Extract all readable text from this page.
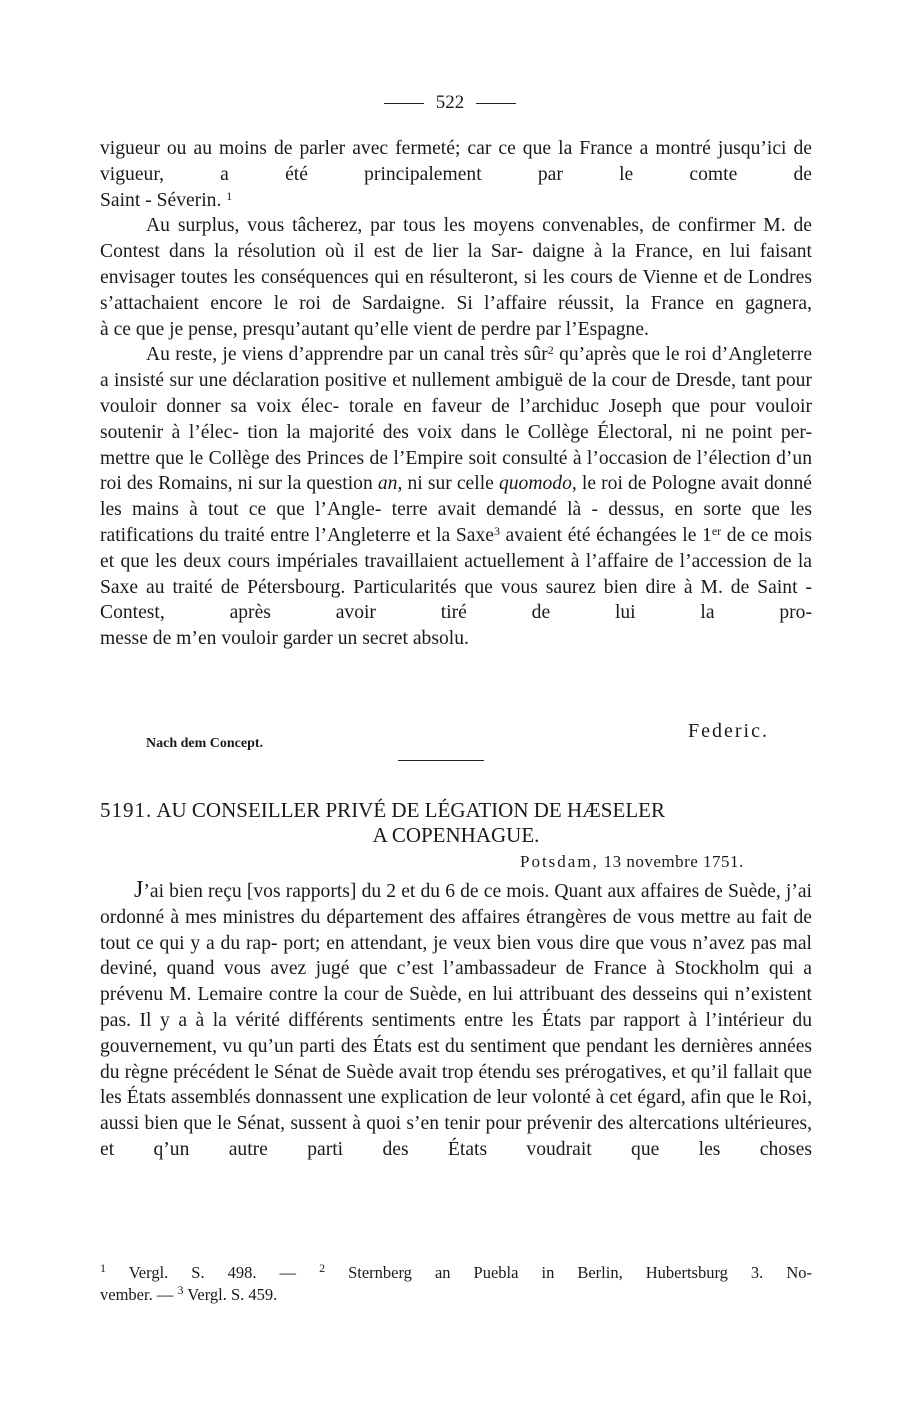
522

vigueur ou au moins de parler avec fermeté; car ce que la France a montré jusqu’ici de vigueur, a été principalement par le comte de

Saint - Séverin. $^1$

Au surplus, vous tâcherez, par tous les moyens convenables, de confirmer M. de Contest dans la résolution où il est de lier la Sar- daigne à la France, en lui faisant envisager toutes les conséquences qui en résulteront, si les cours de Vienne et de Londres s’attachaient encore le roi de Sardaigne. Si l’affaire réussit, la France en gagnera,

à ce que je pense, presqu’autant qu’elle vient de perdre par l’Espagne.

Au reste, je viens d’apprendre par un canal très sûr$^2$ qu’après que le roi d’Angleterre a insisté sur une déclaration positive et nullement ambiguë de la cour de Dresde, tant pour vouloir donner sa voix élec- torale en faveur de l’archiduc Joseph que pour vouloir soutenir à l’élec- tion la majorité des voix dans le Collège Électoral, ni ne point per- mettre que le Collège des Princes de l’Empire soit consulté à l’occasion de l’élection d’un roi des Romains, ni sur la question an, ni sur celle quomodo, le roi de Pologne avait donné les mains à tout ce que l’Angle- terre avait demandé là - dessus, en sorte que les ratifications du traité entre l’Angleterre et la Saxe$^3$ avaient été échangées le 1er de ce mois et que les deux cours impériales travaillaient actuellement à l’affaire de l’accession de la Saxe au traité de Pétersbourg. Particularités que vous saurez bien dire à M. de Saint - Contest, après avoir tiré de lui la pro-

messe de m’en vouloir garder un secret absolu.

Federic.
Nach dem Concept.
5191. AU CONSEILLER PRIVÉ DE LÉGATION DE HÆSELER
A COPENHAGUE.
Potsdam, 13 novembre 1751.

J’ai bien reçu [vos rapports] du 2 et du 6 de ce mois. Quant aux affaires de Suède, j’ai ordonné à mes ministres du département des affaires étrangères de vous mettre au fait de tout ce qui y a du rap- port; en attendant, je veux bien vous dire que vous n’avez pas mal deviné, quand vous avez jugé que c’est l’ambassadeur de France à Stockholm qui a prévenu M. Lemaire contre la cour de Suède, en lui attribuant des desseins qui n’existent pas. Il y a à la vérité différents sentiments entre les États par rapport à l’intérieur du gouvernement, vu qu’un parti des États est du sentiment que pendant les dernières années du règne précédent le Sénat de Suède avait trop étendu ses prérogatives, et qu’il fallait que les États assemblés donnassent une explication de leur volonté à cet égard, afin que le Roi, aussi bien que le Sénat, sussent à quoi s’en tenir pour prévenir des altercations ultérieures, et q’un autre parti des États voudrait que les choses

$^1$ Vergl. S. 498. — $^2$ Sternberg an Puebla in Berlin, Hubertsburg 3. No-
vember. — $^3$ Vergl. S. 459.
